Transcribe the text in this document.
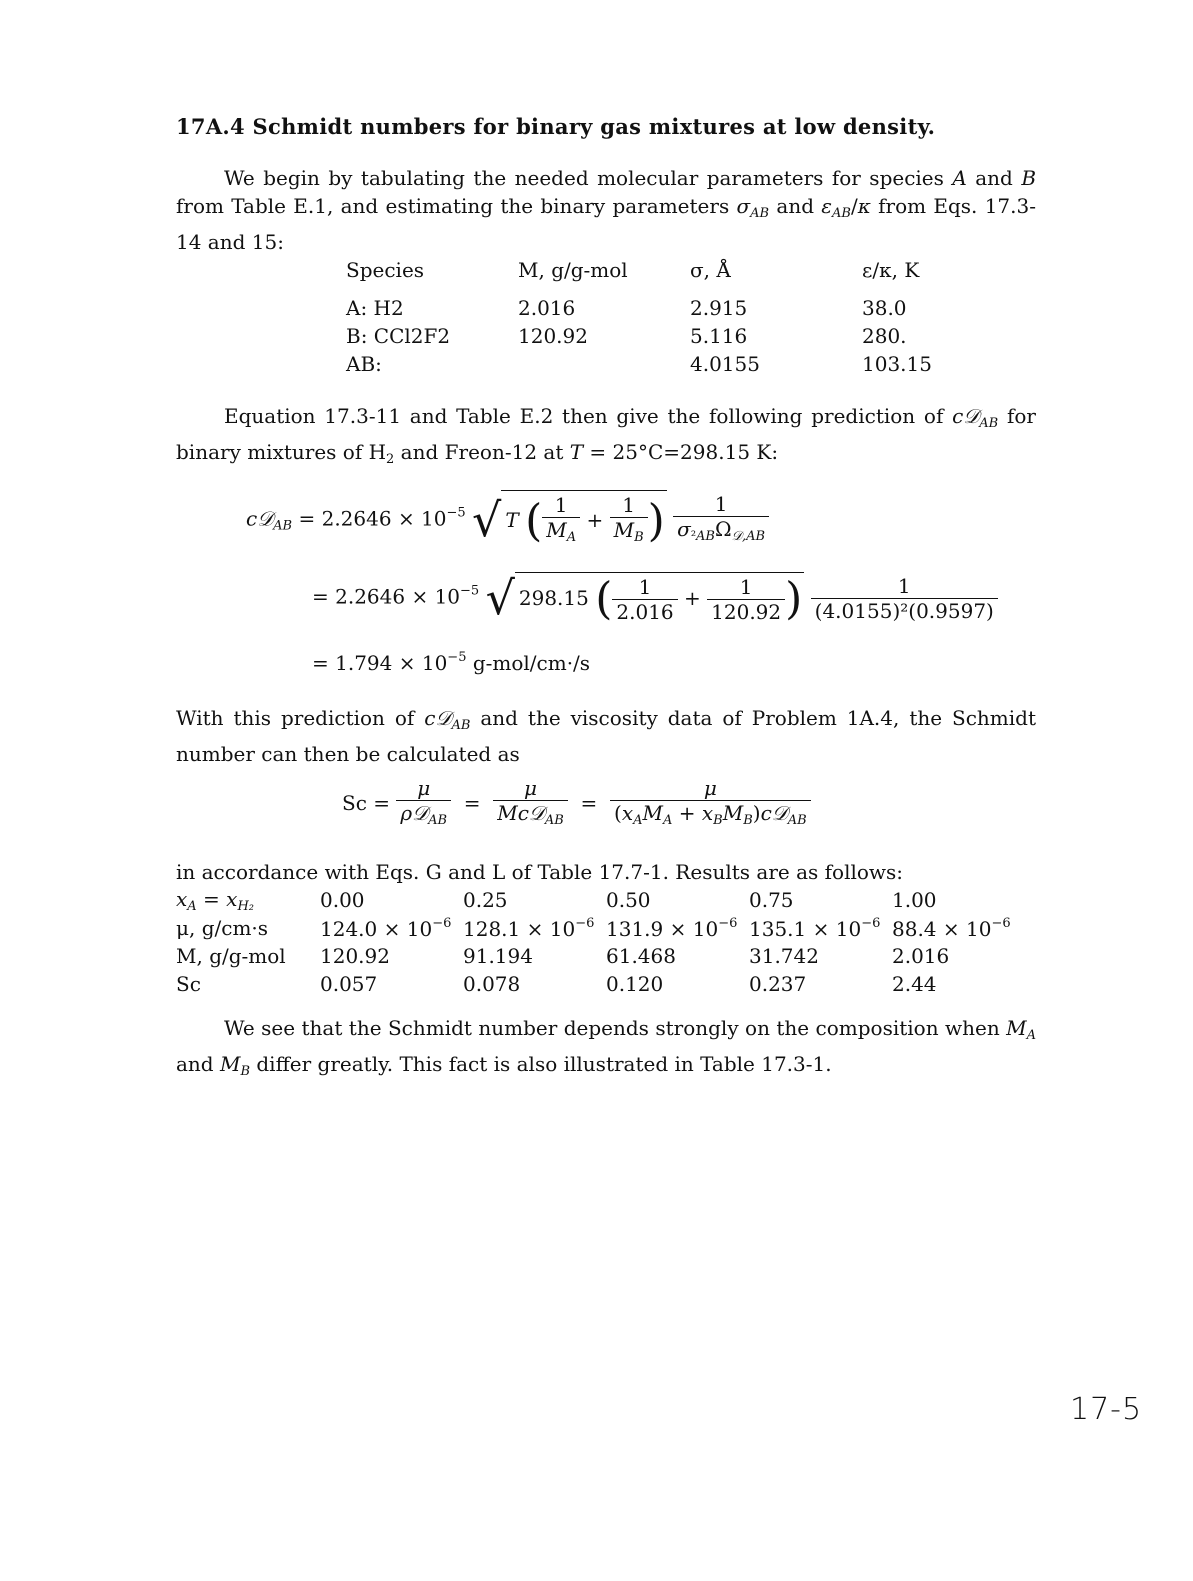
17A.4 Schmidt numbers for binary gas mixtures at low density.
We begin by tabulating the needed molecular parameters for species A and B from Table E.1, and estimating the binary parameters $\sigma_{AB}$ and $\varepsilon_{AB}/\kappa$ from Eqs. 17.3-14 and 15:
Species	M, g/g-mol	σ, Å	ε/κ, K
A: H2	2.016	2.915	38.0
B: CCl2F2	120.92	5.116	280.
AB:		4.0155	103.15
Equation 17.3-11 and Table E.2 then give the following prediction of c𝒟$_{AB}$ for binary mixtures of $H_2$ and Freon-12 at T = 25°C=298.15 K:
c𝒟$_{AB}$ = $2.2646 \times 10^{-5}$ √ T ( $\frac{1}{M_A} + \frac{1}{M_B}$ ) $\frac{1}{\sigma_{^2AB}\Omega_{𝒟,AB}}$
= $2.2646 \times 10^{-5}$ √ 298.15 ( $\frac{1}{2.016} + \frac{1}{120.92}$ ) $\frac{1}{\text{(4.0155)²(0.9597)}}$
= $1.794 \times 10^{-5}$ g-mol/cm·/s
With this prediction of c𝒟$_{AB}$ and the viscosity data of Problem 1A.4, the Schmidt number can then be calculated as
$Sc = \frac{\mu}{\rho 𝒟_{AB}} = \frac{\mu}{Mc𝒟_{AB}} = \frac{\mu}{(x_AM_A + x_BM_B)c𝒟_{AB}}$
in accordance with Eqs. G and L of Table 17.7-1. Results are as follows:
$x_A = x_{H_2}$	0.00	0.25	0.50	0.75	1.00
μ, g/cm·s	$124.0 \times 10^{-6}$	$128.1 \times 10^{-6}$	$131.9 \times 10^{-6}$	$135.1 \times 10^{-6}$	$88.4 \times 10^{-6}$
M, g/g-mol	120.92	91.194	61.468	31.742	2.016
Sc	0.057	0.078	0.120	0.237	2.44
We see that the Schmidt number depends strongly on the composition when $M_A$ and $M_B$ differ greatly. This fact is also illustrated in Table 17.3-1.
17-5
